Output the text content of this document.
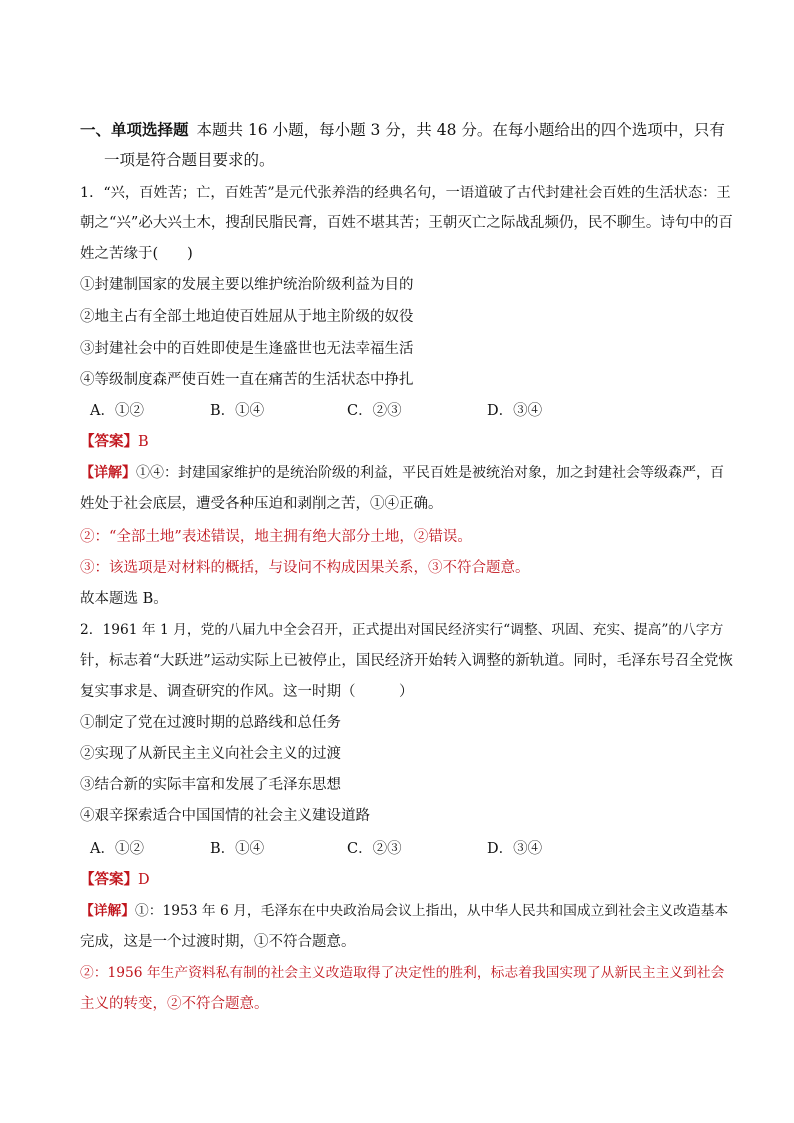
一、单项选择题 本题共 16 小题，每小题 3 分，共 48 分。在每小题给出的四个选项中，只有
一项是符合题目要求的。
1．“兴，百姓苦；亡，百姓苦”是元代张养浩的经典名句，一语道破了古代封建社会百姓的生活状态：王
朝之“兴”必大兴土木，搜刮民脂民膏，百姓不堪其苦；王朝灭亡之际战乱频仍，民不聊生。诗句中的百
姓之苦缘于(　　)
①封建制国家的发展主要以维护统治阶级利益为目的
②地主占有全部土地迫使百姓屈从于地主阶级的奴役
③封建社会中的百姓即使是生逢盛世也无法幸福生活
④等级制度森严使百姓一直在痛苦的生活状态中挣扎
A．①②	B．①④	C．②③	D．③④
【答案】B
【详解】①④：封建国家维护的是统治阶级的利益，平民百姓是被统治对象，加之封建社会等级森严，百
姓处于社会底层，遭受各种压迫和剥削之苦，①④正确。
②：“全部土地”表述错误，地主拥有绝大部分土地，②错误。
③：该选项是对材料的概括，与设问不构成因果关系，③不符合题意。
故本题选 B。
2．1961 年 1 月，党的八届九中全会召开，正式提出对国民经济实行“调整、巩固、充实、提高”的八字方
针，标志着“大跃进”运动实际上已被停止，国民经济开始转入调整的新轨道。同时，毛泽东号召全党恢
复实事求是、调查研究的作风。这一时期（　　　）
①制定了党在过渡时期的总路线和总任务
②实现了从新民主主义向社会主义的过渡
③结合新的实际丰富和发展了毛泽东思想
④艰辛探索适合中国国情的社会主义建设道路
A．①②	B．①④	C．②③	D．③④
【答案】D
【详解】①：1953 年 6 月，毛泽东在中央政治局会议上指出，从中华人民共和国成立到社会主义改造基本
完成，这是一个过渡时期，①不符合题意。
②：1956 年生产资料私有制的社会主义改造取得了决定性的胜利，标志着我国实现了从新民主主义到社会
主义的转变，②不符合题意。
